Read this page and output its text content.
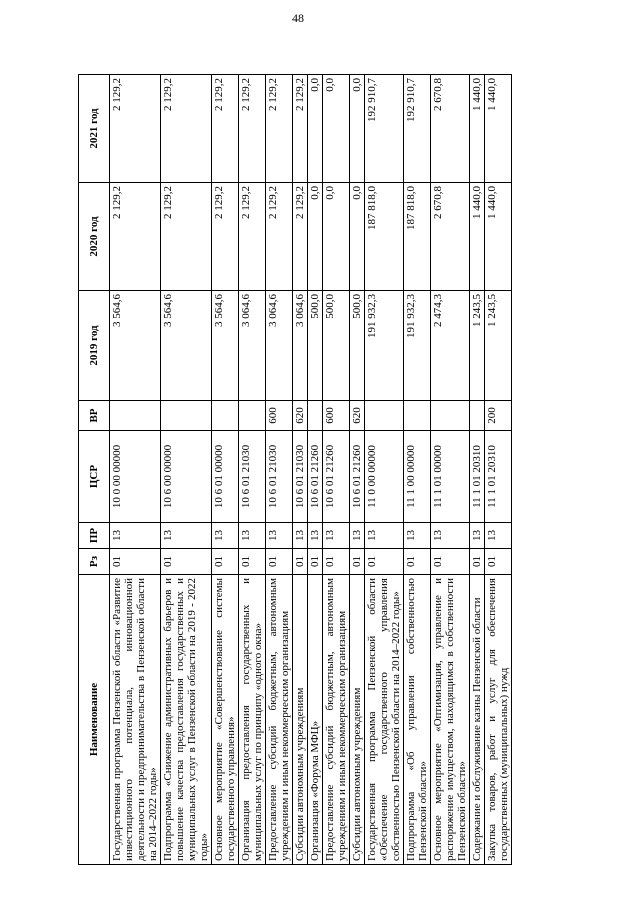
48
Наименование	Рз	ПР	ЦСР	ВР	2019 год	2020 год	2021 год
Государственная программа Пензенской области «Развитие инвестиционного потенциала, инновационной деятельности и предпринимательства в Пензенской области на 2014–2022 годы»	01	13	10 0 00 00000		3 564,6	2 129,2	2 129,2
Подпрограмма «Снижение административных барьеров и повышение качества предоставления государственных и муниципальных услуг в Пензенской области на 2019 - 2022 годы»	01	13	10 6 00 00000		3 564,6	2 129,2	2 129,2
Основное мероприятие «Совершенствование системы государственного управления»	01	13	10 6 01 00000		3 564,6	2 129,2	2 129,2
Организация предоставления государственных и муниципальных услуг по принципу «одного окна»	01	13	10 6 01 21030		3 064,6	2 129,2	2 129,2
Предоставление субсидий бюджетным, автономным учреждениям и иным некоммерческим организациям	01	13	10 6 01 21030	600	3 064,6	2 129,2	2 129,2
Субсидии автономным учреждениям	01	13	10 6 01 21030	620	3 064,6	2 129,2	2 129,2
Организация «Форума МФЦ»	01	13	10 6 01 21260		500,0	0,0	0,0
Предоставление субсидий бюджетным, автономным учреждениям и иным некоммерческим организациям	01	13	10 6 01 21260	600	500,0	0,0	0,0
Субсидии автономным учреждениям	01	13	10 6 01 21260	620	500,0	0,0	0,0
Государственная программа Пензенской области «Обеспечение государственного управления собственностью Пензенской области на 2014–2022 годы»	01	13	11 0 00 00000		191 932,3	187 818,0	192 910,7
Подпрограмма «Об управлении собственностью Пензенской области»	01	13	11 1 00 00000		191 932,3	187 818,0	192 910,7
Основное мероприятие «Оптимизация, управление и распоряжение имуществом, находящимся в собственности Пензенской области»	01	13	11 1 01 00000		2 474,3	2 670,8	2 670,8
Содержание и обслуживание казны Пензенской области	01	13	11 1 01 20310		1 243,5	1 440,0	1 440,0
Закупка товаров, работ и услуг для обеспечения государственных (муниципальных) нужд	01	13	11 1 01 20310	200	1 243,5	1 440,0	1 440,0
